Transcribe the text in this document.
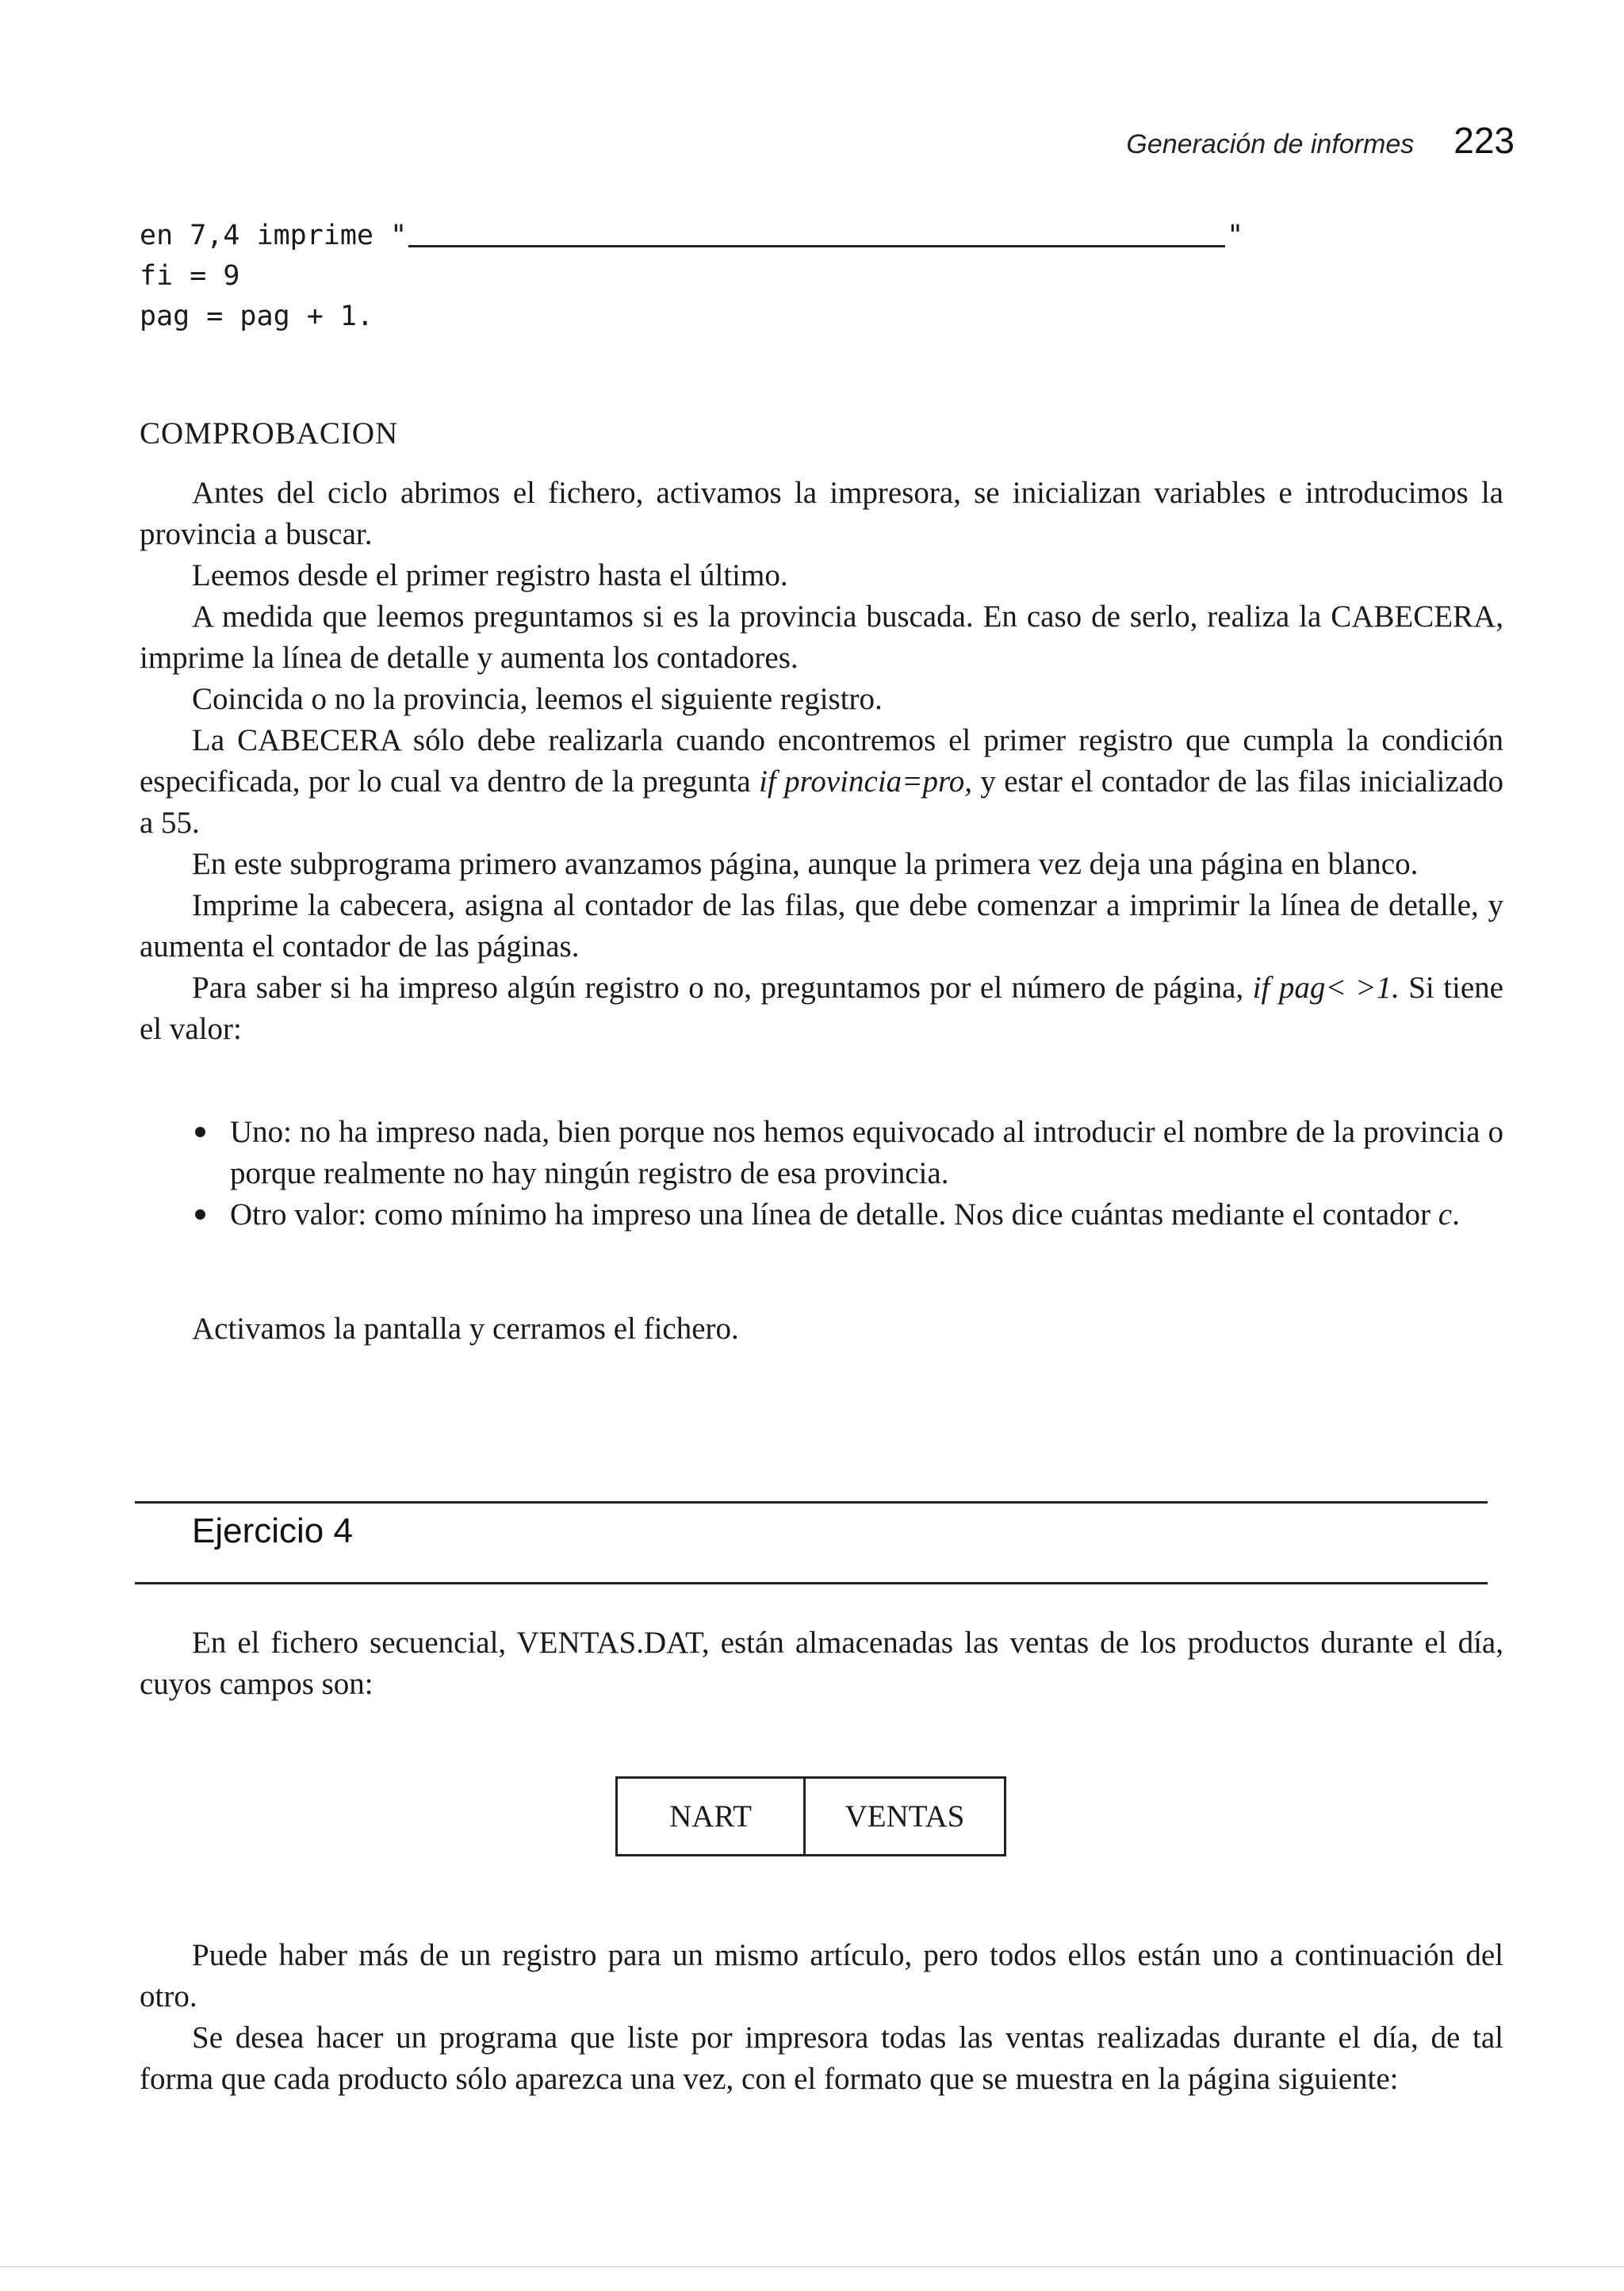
Generación de informes 223
en 7,4 imprime "	"
fi = 9
pag = pag + 1.
COMPROBACION

Antes del ciclo abrimos el fichero, activamos la impresora, se inicializan variables e introducimos la provincia a buscar.

Leemos desde el primer registro hasta el último.

A medida que leemos preguntamos si es la provincia buscada. En caso de serlo, realiza la CABECERA, imprime la línea de detalle y aumenta los contadores.

Coincida o no la provincia, leemos el siguiente registro.

La CABECERA sólo debe realizarla cuando encontremos el primer registro que cumpla la condición especificada, por lo cual va dentro de la pregunta if provincia=pro, y estar el contador de las filas inicializado a 55.

En este subprograma primero avanzamos página, aunque la primera vez deja una página en blanco.

Imprime la cabecera, asigna al contador de las filas, que debe comenzar a imprimir la línea de detalle, y aumenta el contador de las páginas.

Para saber si ha impreso algún registro o no, preguntamos por el número de página, if pag< >1. Si tiene el valor:

Uno: no ha impreso nada, bien porque nos hemos equivocado al introducir el nombre de la provincia o porque realmente no hay ningún registro de esa provincia.
Otro valor: como mínimo ha impreso una línea de detalle. Nos dice cuántas mediante el contador c.

Activamos la pantalla y cerramos el fichero.

Ejercicio 4

En el fichero secuencial, VENTAS.DAT, están almacenadas las ventas de los productos durante el día, cuyos campos son:

NART	VENTAS

Puede haber más de un registro para un mismo artículo, pero todos ellos están uno a continuación del otro.

Se desea hacer un programa que liste por impresora todas las ventas realizadas durante el día, de tal forma que cada producto sólo aparezca una vez, con el formato que se muestra en la página siguiente:
